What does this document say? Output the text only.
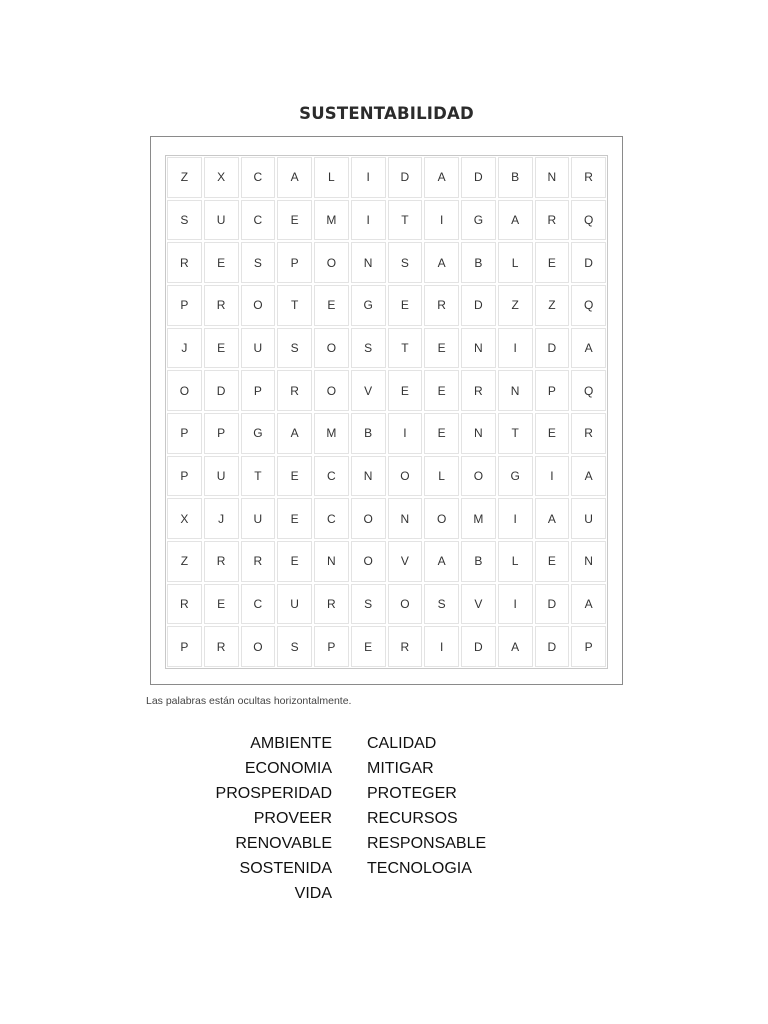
SUSTENTABILIDAD
Z	X	C	A	L	I	D	A	D	B	N	R
S	U	C	E	M	I	T	I	G	A	R	Q
R	E	S	P	O	N	S	A	B	L	E	D
P	R	O	T	E	G	E	R	D	Z	Z	Q
J	E	U	S	O	S	T	E	N	I	D	A
O	D	P	R	O	V	E	E	R	N	P	Q
P	P	G	A	M	B	I	E	N	T	E	R
P	U	T	E	C	N	O	L	O	G	I	A
X	J	U	E	C	O	N	O	M	I	A	U
Z	R	R	E	N	O	V	A	B	L	E	N
R	E	C	U	R	S	O	S	V	I	D	A
P	R	O	S	P	E	R	I	D	A	D	P
Las palabras están ocultas horizontalmente.
AMBIENTE
ECONOMIA
PROSPERIDAD
PROVEER
RENOVABLE
SOSTENIDA
VIDA
CALIDAD
MITIGAR
PROTEGER
RECURSOS
RESPONSABLE
TECNOLOGIA
